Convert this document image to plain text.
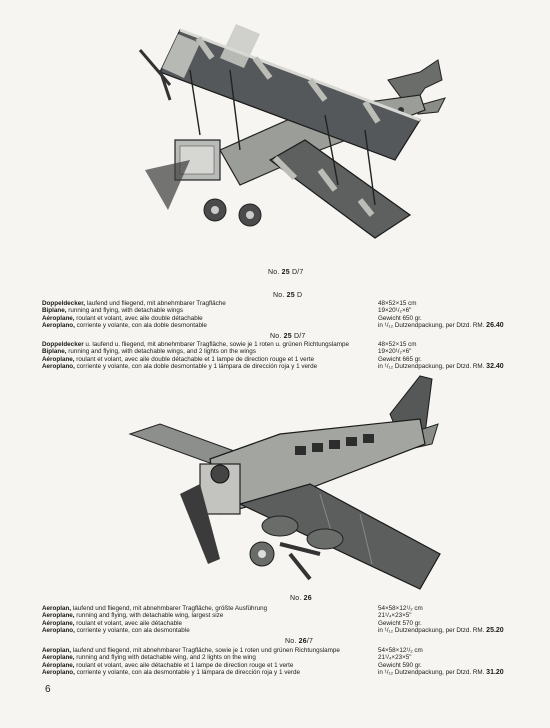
No. 25 D/7
No. 25 D
Doppeldecker, laufend und fliegend, mit abnehmbarer Tragfläche	48×52×15 cm
Biplane, running and flying, with detachable wings	19×20¹/₂×6"
Aéroplane, roulant et volant, avec aile double détachable	Gewicht 650 gr.
Aeroplano, corriente y volante, con ala doble desmontable	in ¹/₁₂ Dutzendpackung, per Dtzd. RM. 26.40
No. 25 D/7
Doppeldecker u. laufend u. fliegend, mit abnehmbarer Tragfläche, sowie je 1 roten u. grünen Richtungslampe	48×52×15 cm
Biplane, running and flying, with detachable wings, and 2 lights on the wings	19×20¹/₂×6"
Aéroplane, roulant et volant, avec aile double détachable et 1 lampe de direction rouge et 1 verte	Gewicht 665 gr.
Aeroplano, corriente y volante, con ala doble desmontable y 1 lámpara de dirección roja y 1 verde	in ¹/₁₂ Dutzendpackung, per Dtzd. RM. 32.40
No. 26
Aeroplan, laufend und fliegend, mit abnehmbarer Tragfläche, größte Ausführung	54×58×12¹/₂ cm
Aeroplane, running and flying, with detachable wing, largest size	21¹/₄×23×5"
Aéroplane, roulant et volant, avec aile détachable	Gewicht 570 gr.
Aeroplano, corriente y volante, con ala desmontable	in ¹/₁₂ Dutzendpackung, per Dtzd. RM. 25.20
No. 26/7
Aeroplan, laufend und fliegend, mit abnehmbarer Tragfläche, sowie je 1 roten und grünen Richtungslampe	54×58×12¹/₂ cm
Aeroplane, running and flying with detachable wing, and 2 lights on the wing	21¹/₄×23×5"
Aéroplane, roulant et volant, avec aile détachable et 1 lampe de direction rouge et 1 verte	Gewicht 590 gr.
Aeroplano, corriente y volante, con ala desmontable y 1 lámpara de dirección roja y 1 verde	in ¹/₁₂ Dutzendpackung, per Dtzd. RM. 31.20
6
